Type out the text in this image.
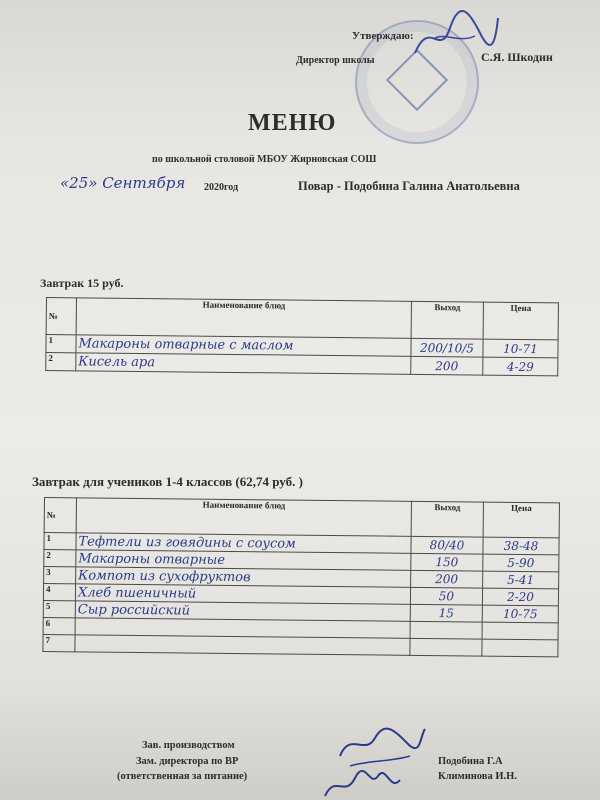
Утверждаю:
Директор школы	С.Я. Шкодин
МЕНЮ
по школьной столовой МБОУ Жирновская СОШ
«25» Сентября 2020год	Повар - Подобина Галина Анатольевна
Завтрак 15 руб.
№	Наименование блюд	Выход	Цена
1	Макароны отварные с маслом	200/10/5	10-71
2	Кисель ара	200	4-29
Завтрак для учеников 1-4 классов (62,74 руб. )
№	Наименование блюд	Выход	Цена
1	Тефтели из говядины с соусом	80/40	38-48
2	Макароны отварные	150	5-90
3	Компот из сухофруктов	200	5-41
4	Хлеб пшеничный	50	2-20
5	Сыр российский	15	10-75
6			
7			
Зав. производством
Зам. директора по ВР
(ответственная за питание)
Подобина Г.А
Климинова И.Н.
